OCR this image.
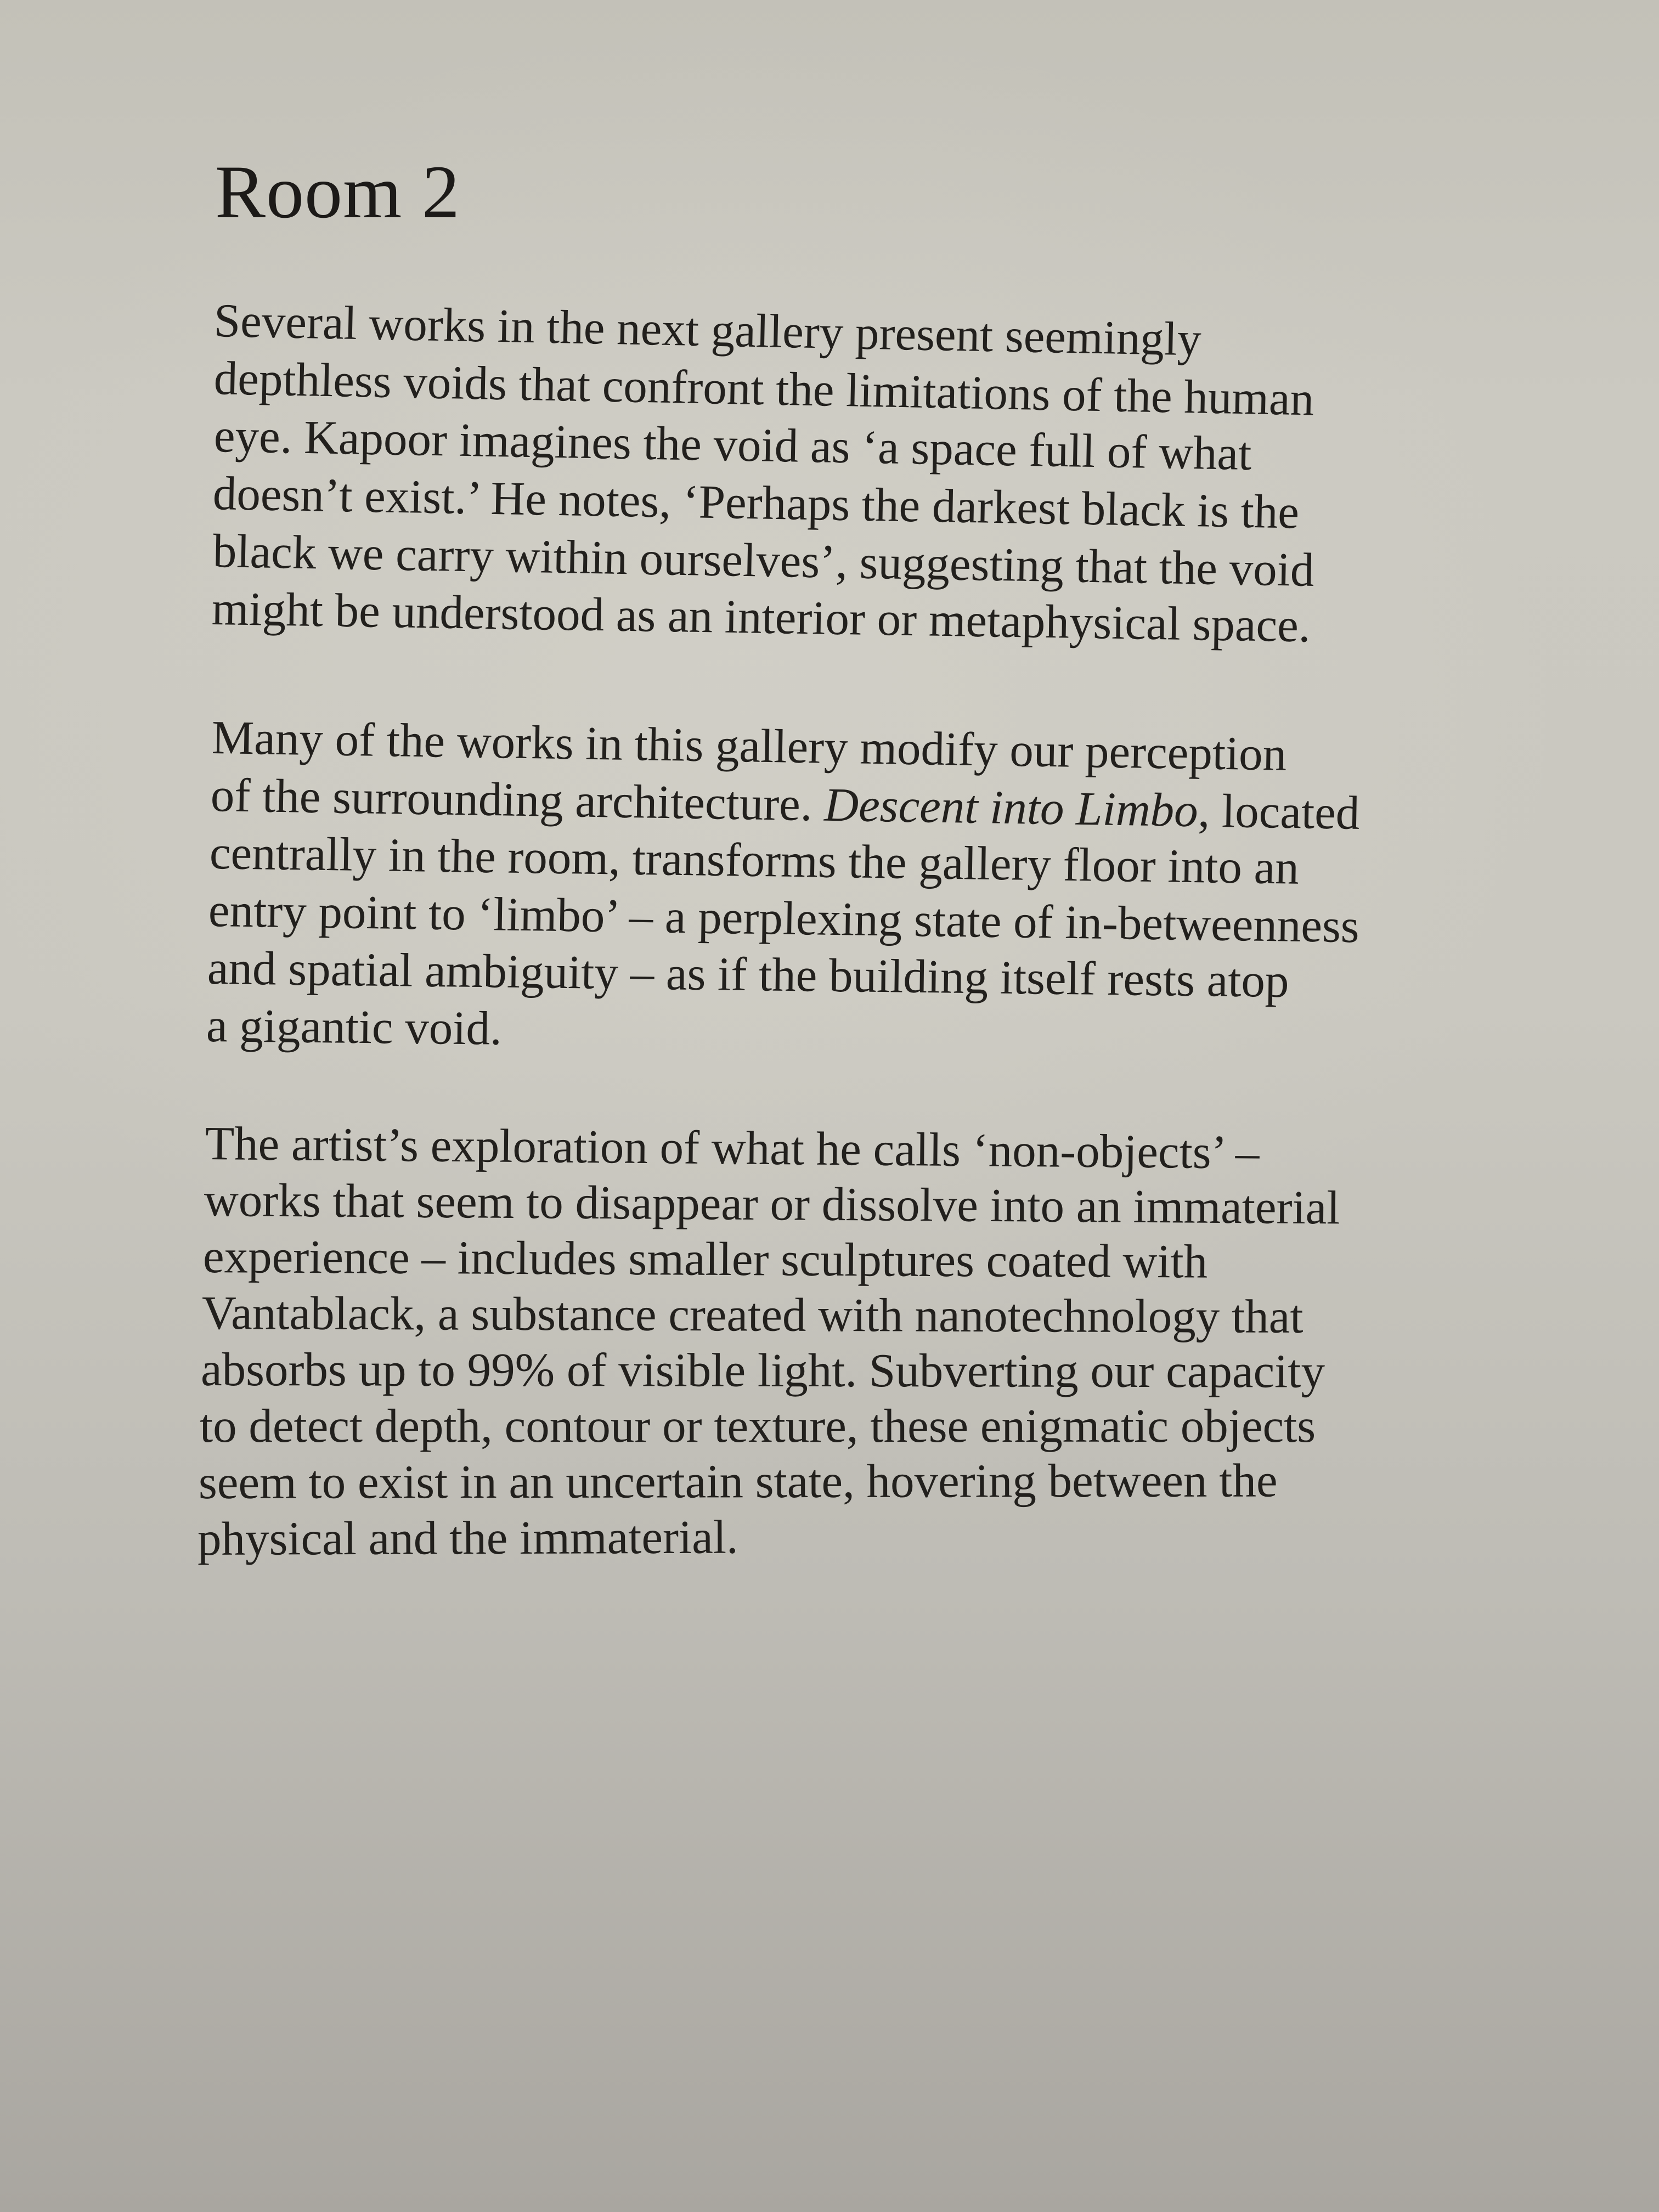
Room 2

Several works in the next gallery present seemingly

depthless voids that confront the limitations of the human

eye. Kapoor imagines the void as ‘a space full of what

doesn’t exist.’ He notes, ‘Perhaps the darkest black is the

black we carry within ourselves’, suggesting that the void

might be understood as an interior or metaphysical space.

Many of the works in this gallery modify our perception

of the surrounding architecture. Descent into Limbo, located

centrally in the room, transforms the gallery floor into an

entry point to ‘limbo’ – a perplexing state of in-betweenness

and spatial ambiguity – as if the building itself rests atop

a gigantic void.

The artist’s exploration of what he calls ‘non-objects’ –

works that seem to disappear or dissolve into an immaterial

experience – includes smaller sculptures coated with

Vantablack, a substance created with nanotechnology that

absorbs up to 99% of visible light. Subverting our capacity

to detect depth, contour or texture, these enigmatic objects

seem to exist in an uncertain state, hovering between the

physical and the immaterial.
